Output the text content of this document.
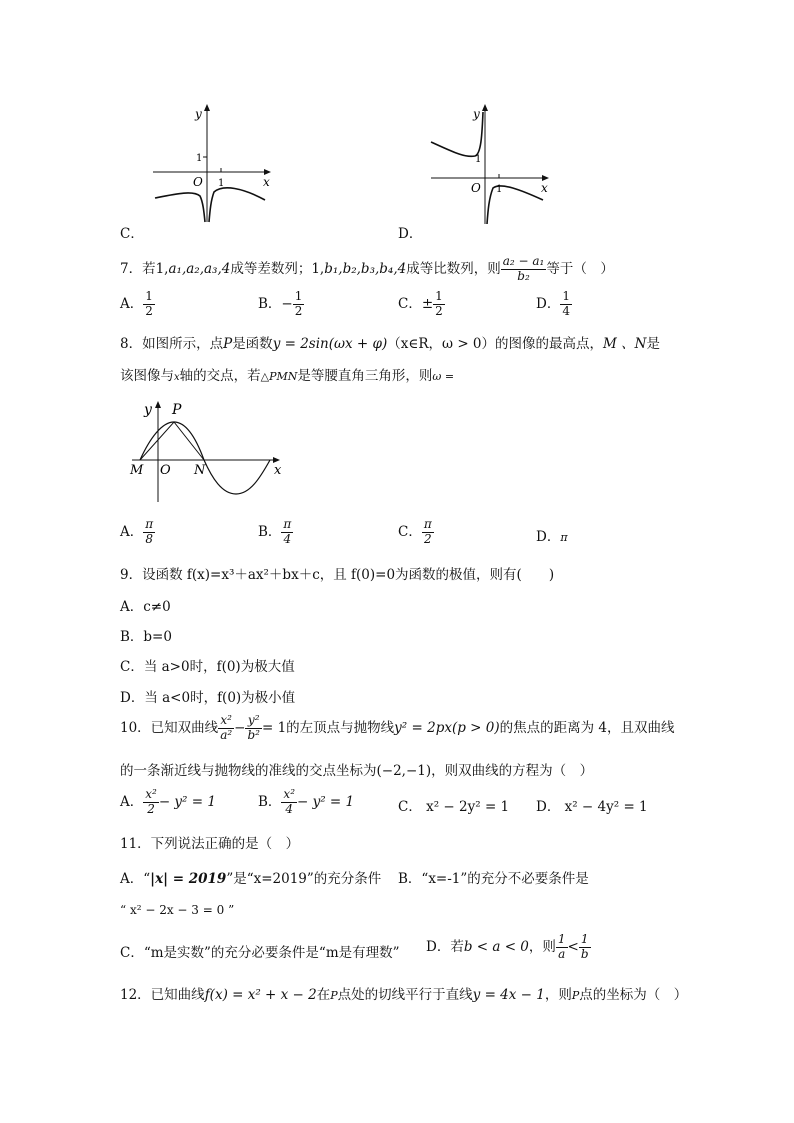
y
x
O 1
1
C．
y
x
O 1
1
D．
7．若1,a₁,a₂,a₃,4成等差数列；1,b₁,b₂,b₃,b₄,4成等比数列，则 $\frac{\text{a₂ − a₁}}{\text{b₂}}$ 等于（　）
A． $\frac{1}{2}$	B．− $\frac{1}{2}$	C．± $\frac{1}{2}$	D． $\frac{1}{4}$
8．如图所示，点P是函数y = 2sin(ωx + φ)（x∈R，ω > 0）的图像的最高点，M 、N是
该图像与x轴的交点，若△PMN是等腰直角三角形，则ω =
y P
M O N	x
A． $\frac{\pi}{8}$	B． $\frac{\pi}{4}$	C． $\frac{\pi}{2}$	D．π
9．设函数 f(x)=x³＋ax²＋bx＋c，且 f(0)=0为函数的极值，则有(　　)
A．c≠0
B．b=0
C．当 a>0时，f(0)为极大值
D．当 a<0时，f(0)为极小值
10．已知双曲线 $\frac{\text{x²}}{\text{a²}} - \frac{\text{y²}}{\text{b²}} = 1$的左顶点与抛物线y² = 2px(p > 0)的焦点的距离为 4，且双曲线
的一条渐近线与抛物线的准线的交点坐标为(−2,−1)，则双曲线的方程为（　）
A． $\frac{\text{x²}}{2} - y^2 = 1$	B． $\frac{\text{x²}}{4} - y^2 = 1$	C． x² − 2y² = 1 D． x² − 4y² = 1
11．下列说法正确的是（　）
A．“|x| = 2019”是“x=2019”的充分条件 B．“x=-1”的充分不必要条件是
“ x² − 2x − 3 = 0 ”
C．“m是实数”的充分必要条件是“m是有理数” D．若b < a < 0，则 $\frac{1}{a} < \frac{1}{b}$
12．已知曲线f(x) = x² + x − 2在P点处的切线平行于直线y = 4x − 1，则P点的坐标为（　）
